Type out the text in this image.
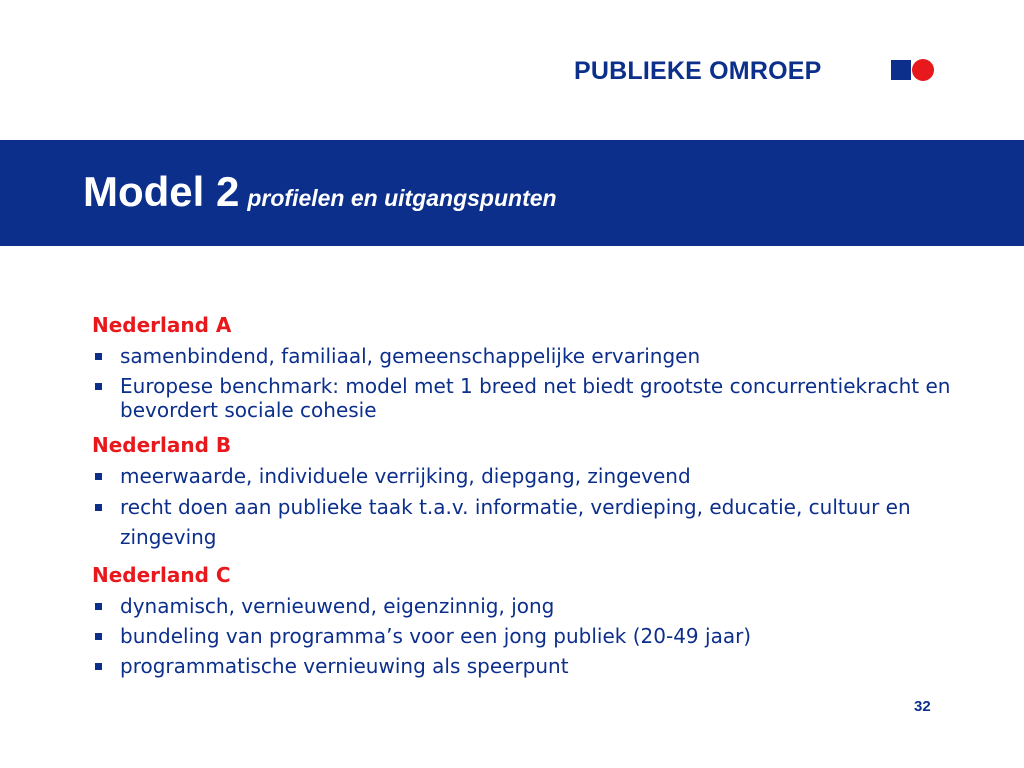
PUBLIEKE OMROEP
Model 2 profielen en uitgangspunten

Nederland A

samenbindend, familiaal, gemeenschappelijke ervaringen
Europese benchmark: model met 1 breed net biedt grootste concurrentiekracht en bevordert sociale cohesie

Nederland B

meerwaarde, individuele verrijking, diepgang, zingevend
recht doen aan publieke taak t.a.v. informatie, verdieping, educatie, cultuur en zingeving

Nederland C

dynamisch, vernieuwend, eigenzinnig, jong
bundeling van programma’s voor een jong publiek (20-49 jaar)
programmatische vernieuwing als speerpunt
32
